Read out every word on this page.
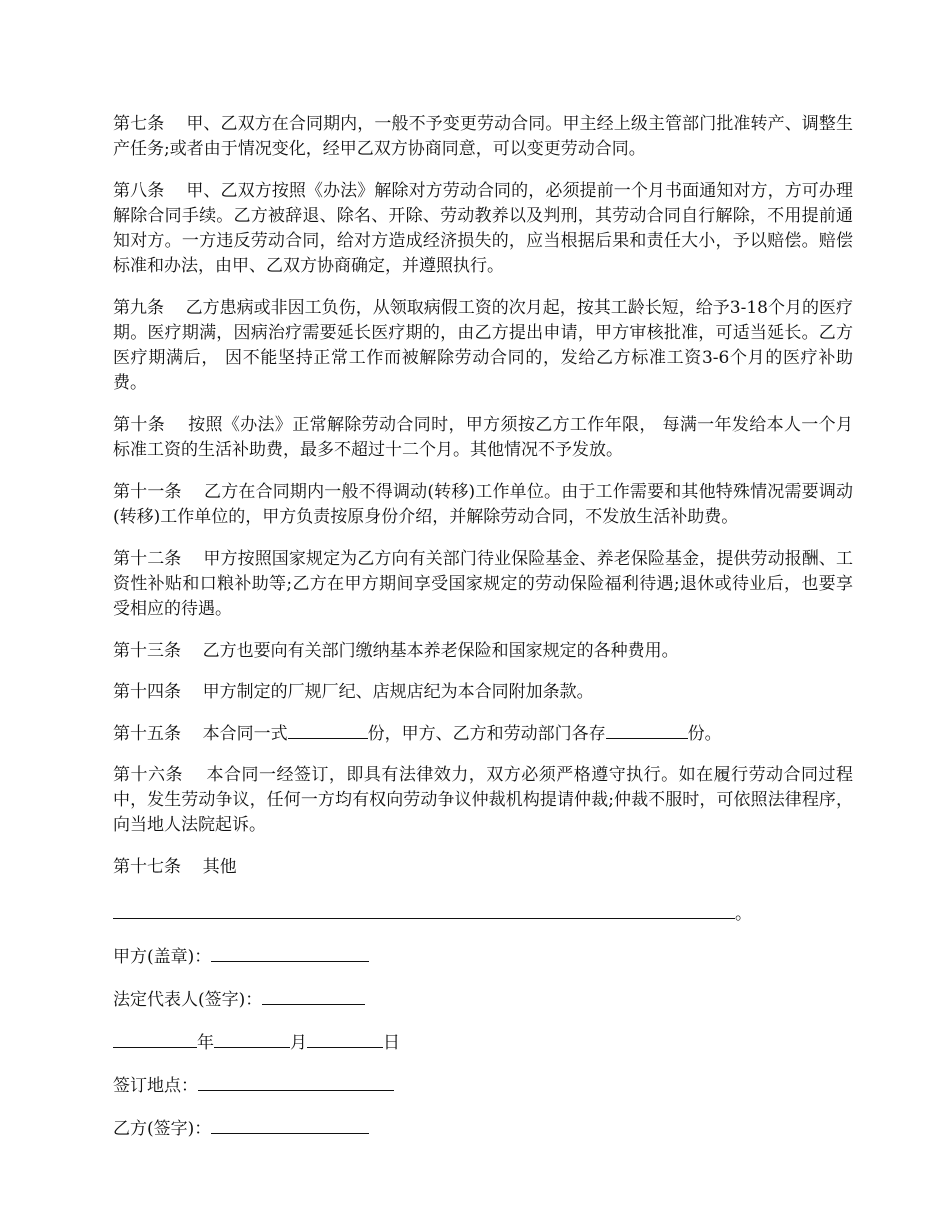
第七条 甲、乙双方在合同期内，一般不予变更劳动合同。甲主经上级主管部门批准转产、调整生产任务;或者由于情况变化，经甲乙双方协商同意，可以变更劳动合同。

第八条 甲、乙双方按照《办法》解除对方劳动合同的，必须提前一个月书面通知对方，方可办理解除合同手续。乙方被辞退、除名、开除、劳动教养以及判刑，其劳动合同自行解除，不用提前通知对方。一方违反劳动合同，给对方造成经济损失的，应当根据后果和责任大小，予以赔偿。赔偿标准和办法，由甲、乙双方协商确定，并遵照执行。

第九条 乙方患病或非因工负伤，从领取病假工资的次月起，按其工龄长短，给予3-18个月的医疗期。医疗期满，因病治疗需要延长医疗期的，由乙方提出申请，甲方审核批准，可适当延长。乙方医疗期满后， 因不能坚持正常工作而被解除劳动合同的，发给乙方标准工资3-6个月的医疗补助费。

第十条 按照《办法》正常解除劳动合同时，甲方须按乙方工作年限， 每满一年发给本人一个月标准工资的生活补助费，最多不超过十二个月。其他情况不予发放。

第十一条 乙方在合同期内一般不得调动(转移)工作单位。由于工作需要和其他特殊情况需要调动(转移)工作单位的，甲方负责按原身份介绍，并解除劳动合同，不发放生活补助费。

第十二条 甲方按照国家规定为乙方向有关部门待业保险基金、养老保险基金，提供劳动报酬、工资性补贴和口粮补助等;乙方在甲方期间享受国家规定的劳动保险福利待遇;退休或待业后，也要享受相应的待遇。

第十三条 乙方也要向有关部门缴纳基本养老保险和国家规定的各种费用。

第十四条 甲方制定的厂规厂纪、店规店纪为本合同附加条款。

第十五条 本合同一式	份，甲方、乙方和劳动部门各存	份。

第十六条 本合同一经签订，即具有法律效力，双方必须严格遵守执行。如在履行劳动合同过程中，发生劳动争议，任何一方均有权向劳动争议仲裁机构提请仲裁;仲裁不服时，可依照法律程序，向当地人法院起诉。

第十七条 其他

。
甲方(盖章)：
法定代表人(签字)：
年	月	日
签订地点：
乙方(签字)：
